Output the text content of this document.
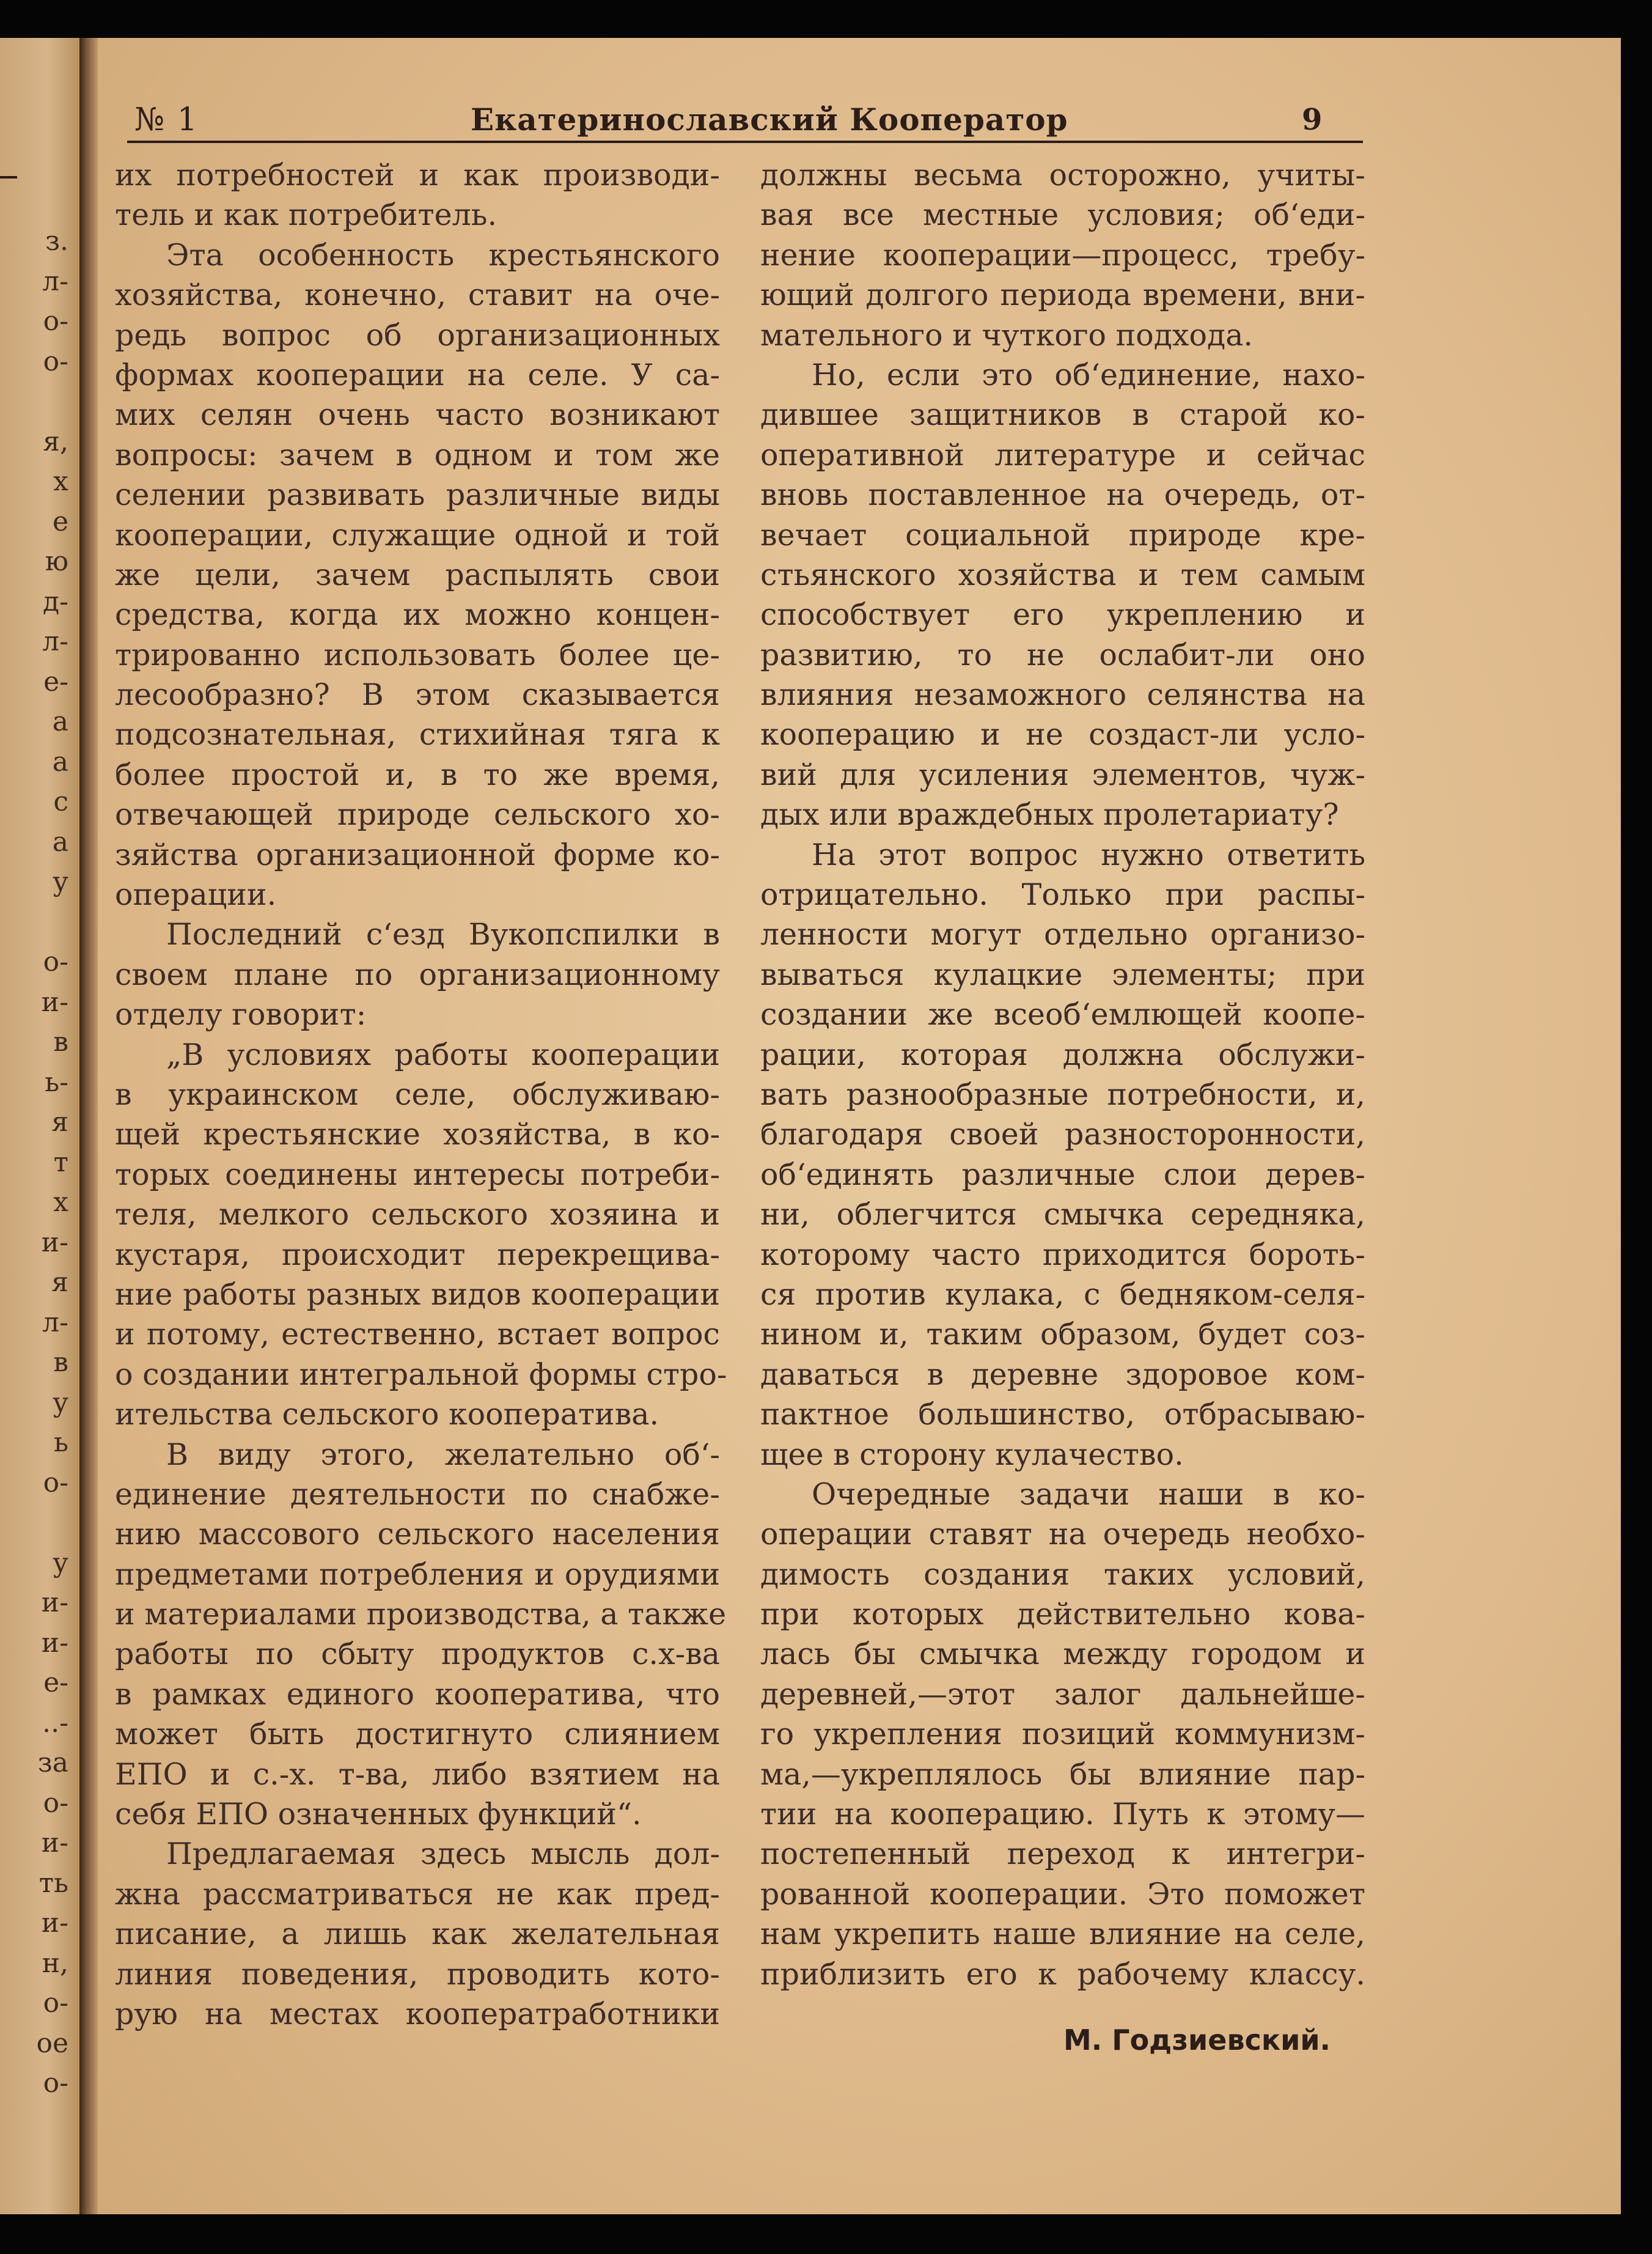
з.
л-
о-
о-
я,
х
е
ю
д-
л-
е-
а
а
с
а
у
о-
и-
в
ь-
я
т
х
и-
я
л-
в
у
ь
о-
у
и-
и-
е-
..-
за
о-
и-
ть
и-
н,
о-
ое
о-
№ 1	Екатеринославский Кооператор	9
их потребностей и как производи-
тель и как потребитель.
Эта особенность крестьянского
хозяйства, конечно, ставит на оче-
редь вопрос об организационных
формах кооперации на селе. У са-
мих селян очень часто возникают
вопросы: зачем в одном и том же
селении развивать различные виды
кооперации, служащие одной и той
же цели, зачем распылять свои
средства, когда их можно концен-
трированно использовать более це-
лесообразно? В этом сказывается
подсознательная, стихийная тяга к
более простой и, в то же время,
отвечающей природе сельского хо-
зяйства организационной форме ко-
операции.
Последний с‘езд Вукопспилки в
своем плане по организационному
отделу говорит:
„В условиях работы кооперации
в украинском селе, обслуживаю-
щей крестьянские хозяйства, в ко-
торых соединены интересы потреби-
теля, мелкого сельского хозяина и
кустаря, происходит перекрещива-
ние работы разных видов кооперации
и потому, естественно, встает вопрос
о создании интегральной формы стро-
ительства сельского кооператива.
В виду этого, желательно об‘-
единение деятельности по снабже-
нию массового сельского населения
предметами потребления и орудиями
и материалами производства, а также
работы по сбыту продуктов с.х-ва
в рамках единого кооператива, что
может быть достигнуто слиянием
ЕПО и с.-х. т-ва, либо взятием на
себя ЕПО означенных функций“.
Предлагаемая здесь мысль дол-
жна рассматриваться не как пред-
писание, а лишь как желательная
линия поведения, проводить кото-
рую на местах кооператработники
должны весьма осторожно, учиты-
вая все местные условия; об‘еди-
нение кооперации—процесс, требу-
ющий долгого периода времени, вни-
мательного и чуткого подхода.
Но, если это об‘единение, нахо-
дившее защитников в старой ко-
оперативной литературе и сейчас
вновь поставленное на очередь, от-
вечает социальной природе кре-
стьянского хозяйства и тем самым
способствует его укреплению и
развитию, то не ослабит-ли оно
влияния незаможного селянства на
кооперацию и не создаст-ли усло-
вий для усиления элементов, чуж-
дых или враждебных пролетариату?
На этот вопрос нужно ответить
отрицательно. Только при распы-
ленности могут отдельно организо-
вываться кулацкие элементы; при
создании же всеоб‘емлющей коопе-
рации, которая должна обслужи-
вать разнообразные потребности, и,
благодаря своей разносторонности,
об‘единять различные слои дерев-
ни, облегчится смычка середняка,
которому часто приходится бороть-
ся против кулака, с бедняком-селя-
нином и, таким образом, будет соз-
даваться в деревне здоровое ком-
пактное большинство, отбрасываю-
щее в сторону кулачество.
Очередные задачи наши в ко-
операции ставят на очередь необхо-
димость создания таких условий,
при которых действительно кова-
лась бы смычка между городом и
деревней,—этот залог дальнейше-
го укрепления позиций коммунизм-
ма,—укреплялось бы влияние пар-
тии на кооперацию. Путь к этому—
постепенный переход к интегри-
рованной кооперации. Это поможет
нам укрепить наше влияние на селе,
приблизить его к рабочему классу.
М. Годзиевский.
